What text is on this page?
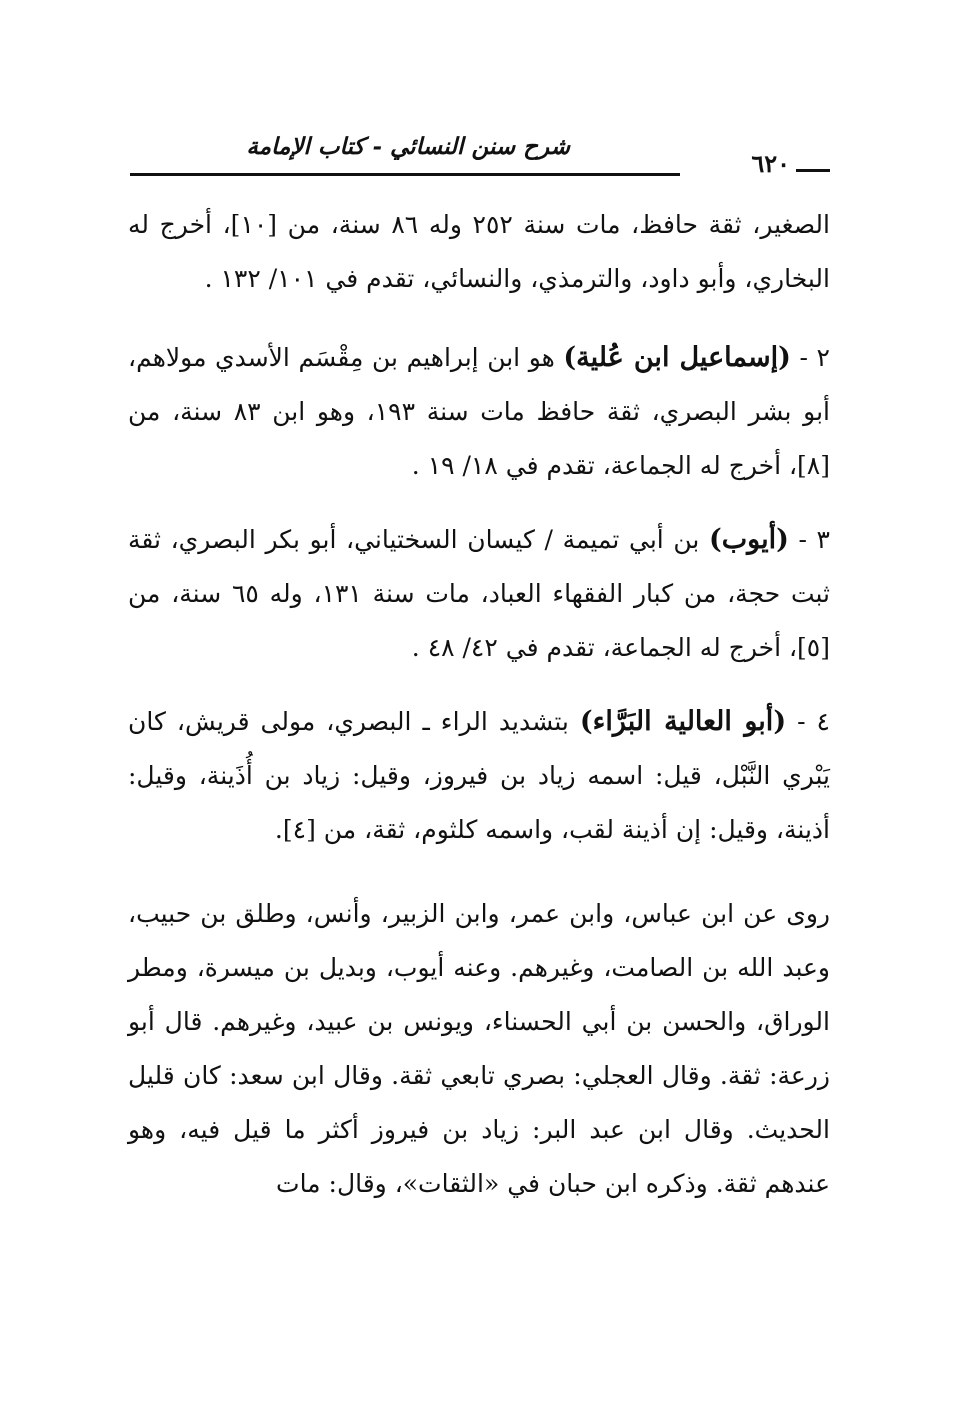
شرح سنن النسائي - كتاب الإمامة
٦٢٠

الصغير، ثقة حافظ، مات سنة ٢٥٢ وله ٨٦ سنة، من [١٠]، أخرج له البخاري، وأبو داود، والترمذي، والنسائي، تقدم في ١٠١/ ١٣٢ .

٢ - (إسماعيل ابن عُلية) هو ابن إبراهيم بن مِقْسَم الأسدي مولاهم، أبو بشر البصري، ثقة حافظ مات سنة ١٩٣، وهو ابن ٨٣ سنة، من [٨]، أخرج له الجماعة، تقدم في ١٨/ ١٩ .

٣ - (أيوب) بن أبي تميمة / كيسان السختياني، أبو بكر البصري، ثقة ثبت حجة، من كبار الفقهاء العباد، مات سنة ١٣١، وله ٦٥ سنة، من [٥]، أخرج له الجماعة، تقدم في ٤٢/ ٤٨ .

٤ - (أبو العالية البَرَّاء) بتشديد الراء ـ البصري، مولى قريش، كان يَبْري النَّبْل، قيل: اسمه زياد بن فيروز، وقيل: زياد بن أُذَينة، وقيل: أذينة، وقيل: إن أذينة لقب، واسمه كلثوم، ثقة، من [٤].

روى عن ابن عباس، وابن عمر، وابن الزبير، وأنس، وطلق بن حبيب، وعبد الله بن الصامت، وغيرهم. وعنه أيوب، وبديل بن ميسرة، ومطر الوراق، والحسن بن أبي الحسناء، ويونس بن عبيد، وغيرهم. قال أبو زرعة: ثقة. وقال العجلي: بصري تابعي ثقة. وقال ابن سعد: كان قليل الحديث. وقال ابن عبد البر: زياد بن فيروز أكثر ما قيل فيه، وهو عندهم ثقة. وذكره ابن حبان في «الثقات»، وقال: مات
